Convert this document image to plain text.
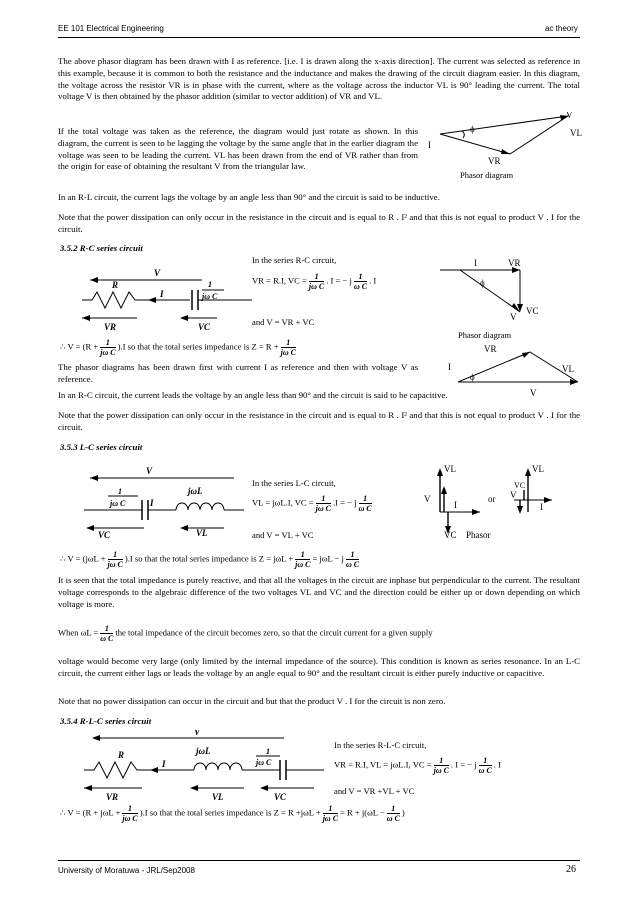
EE 101 Electrical Engineering	ac theory
University of Moratuwa - JRL/Sep2008	26

The above phasor diagram has been drawn with I as reference. [i.e. I is drawn along the x-axis direction]. The current was selected as reference in this example, because it is common to both the resistance and the inductance and makes the drawing of the circuit diagram easier. In this diagram, the voltage across the resistor VR is in phase with the current, where as the voltage across the inductor VL is 90° leading the current. The total voltage V is then obtained by the phasor addition (similar to vector addition) of VR and VL.

If the total voltage was taken as the reference, the diagram would just rotate as shown. In this diagram, the current is seen to be lagging the voltage by the same angle that in the earlier diagram the voltage was seen to be leading the current. VL has been drawn from the end of VR rather than from the origin for ease of obtaining the resultant V from the triangular law.

ϕ
V
VL
VR
I
Phasor diagram

In an R-L circuit, the current lags the voltage by an angle less than 90° and the circuit is said to be inductive.

Note that the power dissipation can only occur in the resistance in the circuit and is equal to R . I² and that this is not equal to product V . I for the circuit.

3.5.2 R-C series circuit
V
R
I
1
jω C
VR	VC
In the series R-C circuit,
VR = R.I, VC = $\frac{1}{\text{jω C}}$ . I = − j $\frac{1}{\text{ω C}}$ . I
and V = VR + VC
∴ $V = (R + \frac{1}{\text{jω C}} ).I$ so that the total series impedance is $Z = R + \frac{1}{\text{jω C}}$
I	VR
ϕ
V
VC
Phasor diagram
I
VR
ϕ
VL
V

The phasor diagrams has been drawn first with current I as reference and then with voltage V as reference.

In an R-C circuit, the current leads the voltage by an angle less than 90° and the circuit is said to be capacitive.

Note that the power dissipation can only occur in the resistance in the circuit and is equal to R . I² and that this is not equal to product V . I for the circuit.

3.5.3 L-C series circuit
V
1
jω C	I
jωL
VC	VL
In the series L-C circuit,
VL = jωL.I, VC = $\frac{1}{\text{jω C}} .I$ = − j $\frac{1}{\text{ω C}}$
and V = VL + VC
VL
V
I
VC
or
Phasor
VL
V
VC
I
∴ $V = (j\omega L + \frac{1}{\text{jω C}} ).I$ so that the total series impedance is $Z = j\omega L + \frac{1}{\text{jω C}} = j\omega L - j \frac{1}{\text{ω C}}$

It is seen that the total impedance is purely reactive, and that all the voltages in the circuit are inphase but perpendicular to the current. The resultant voltage corresponds to the algebraic difference of the two voltages VL and VC and the direction could be either up or down depending on which voltage is more.

When $\omega L = \frac{1}{\text{ω C}}$ the total impedance of the circuit becomes zero, so that the circuit current for a given supply

voltage would become very large (only limited by the internal impedance of the source). This condition is known as series resonance. In an L-C circuit, the current either lags or leads the voltage by an angle equal to 90° and the resultant circuit is either purely inductive or capacitive.

Note that no power dissipation can occur in the circuit and but that the product V . I for the circuit is non zero.

3.5.4 R-L-C series circuit
V
R
I
jωL	1
jω C
VR	VL	VC
In the series R-L-C circuit,
VR = R.I, VL = jωL.I, VC = $\frac{1}{\text{jω C}}$ . I = − j $\frac{1}{\text{ω C}}$ . I
and V = VR +VL + VC
∴ $V = (R + j\omega L + \frac{1}{\text{jω C}} ).I$ so that the total series impedance is $Z = R +j\omega L + \frac{1}{\text{jω C}} = R + j(\omega L - \frac{1}{\text{ω C}}$ )
